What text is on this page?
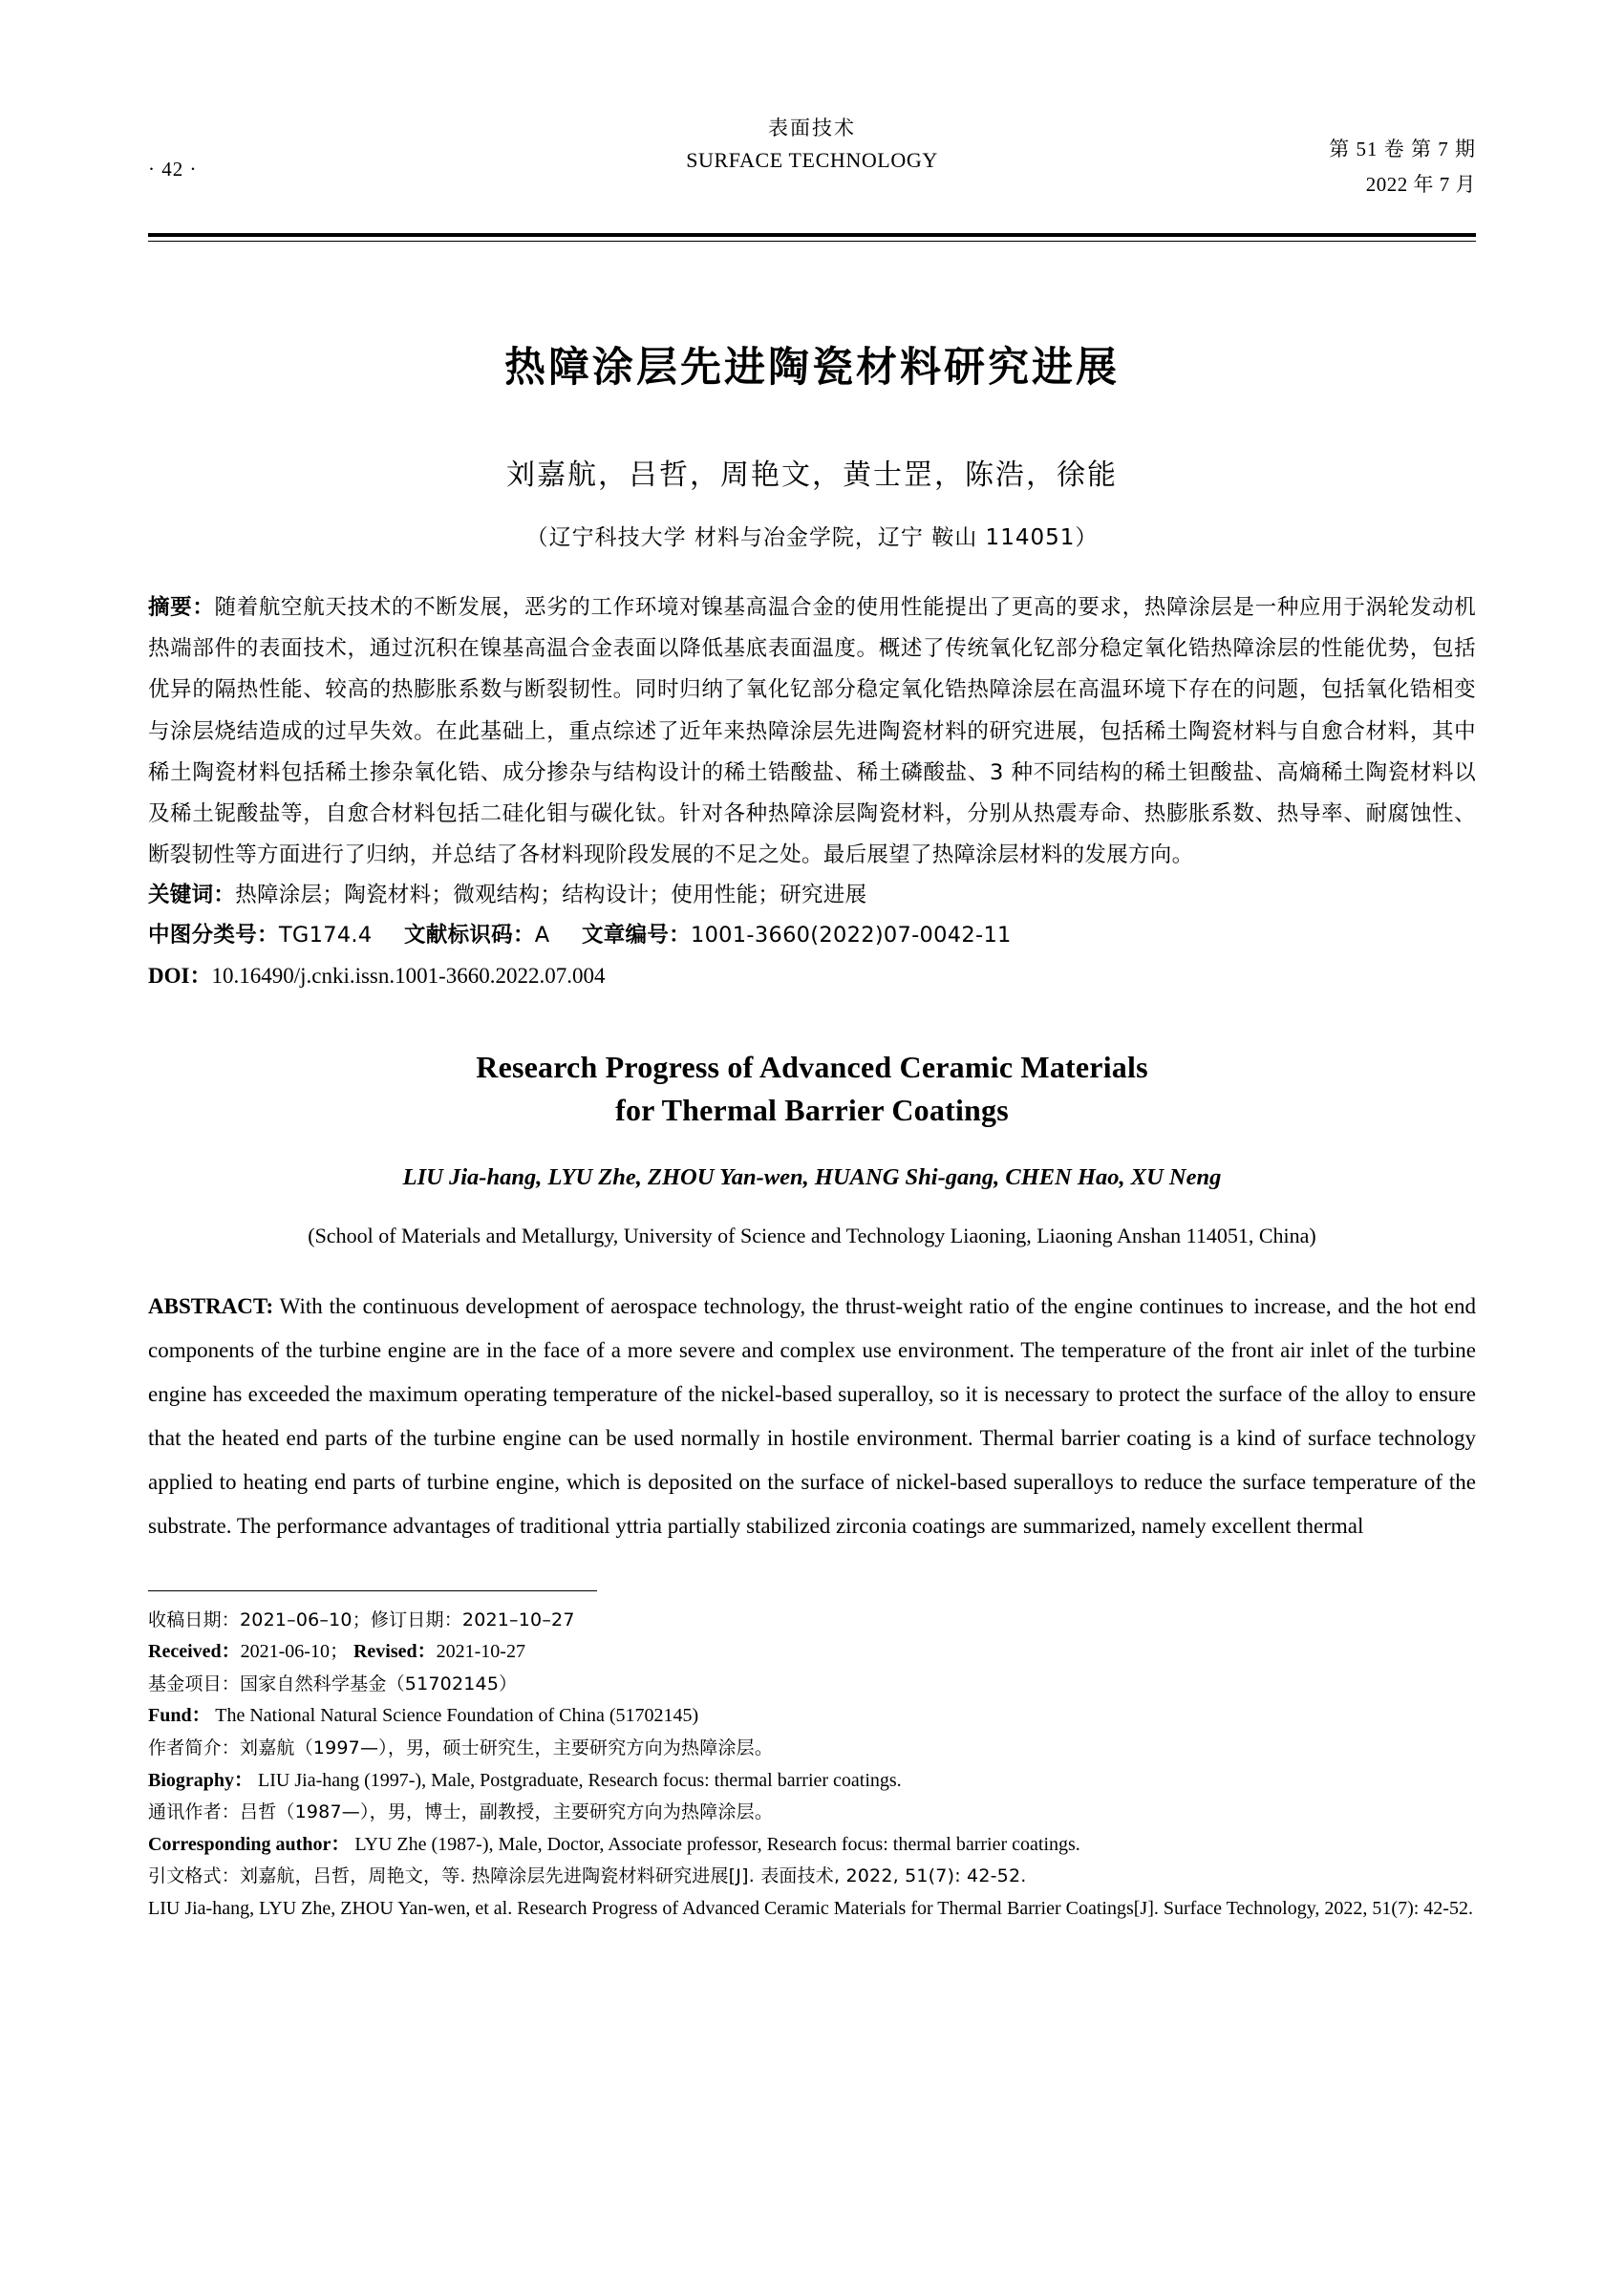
· 42 ·
表面技术
SURFACE TECHNOLOGY	第 51 卷 第 7 期
2022 年 7 月
热障涂层先进陶瓷材料研究进展
刘嘉航，吕哲，周艳文，黄士罡，陈浩，徐能
（辽宁科技大学 材料与冶金学院，辽宁 鞍山 114051）
摘要：随着航空航天技术的不断发展，恶劣的工作环境对镍基高温合金的使用性能提出了更高的要求，热障涂层是一种应用于涡轮发动机热端部件的表面技术，通过沉积在镍基高温合金表面以降低基底表面温度。概述了传统氧化钇部分稳定氧化锆热障涂层的性能优势，包括优异的隔热性能、较高的热膨胀系数与断裂韧性。同时归纳了氧化钇部分稳定氧化锆热障涂层在高温环境下存在的问题，包括氧化锆相变与涂层烧结造成的过早失效。在此基础上，重点综述了近年来热障涂层先进陶瓷材料的研究进展，包括稀土陶瓷材料与自愈合材料，其中稀土陶瓷材料包括稀土掺杂氧化锆、成分掺杂与结构设计的稀土锆酸盐、稀土磷酸盐、3 种不同结构的稀土钽酸盐、高熵稀土陶瓷材料以及稀土铌酸盐等，自愈合材料包括二硅化钼与碳化钛。针对各种热障涂层陶瓷材料，分别从热震寿命、热膨胀系数、热导率、耐腐蚀性、断裂韧性等方面进行了归纳，并总结了各材料现阶段发展的不足之处。最后展望了热障涂层材料的发展方向。
关键词：热障涂层；陶瓷材料；微观结构；结构设计；使用性能；研究进展
中图分类号：TG174.4 文献标识码：A 文章编号：1001-3660(2022)07-0042-11
DOI：10.16490/j.cnki.issn.1001-3660.2022.07.004
Research Progress of Advanced Ceramic Materials
for Thermal Barrier Coatings
LIU Jia-hang, LYU Zhe, ZHOU Yan-wen, HUANG Shi-gang, CHEN Hao, XU Neng
(School of Materials and Metallurgy, University of Science and Technology Liaoning, Liaoning Anshan 114051, China)
ABSTRACT: With the continuous development of aerospace technology, the thrust-weight ratio of the engine continues to increase, and the hot end components of the turbine engine are in the face of a more severe and complex use environment. The temperature of the front air inlet of the turbine engine has exceeded the maximum operating temperature of the nickel-based superalloy, so it is necessary to protect the surface of the alloy to ensure that the heated end parts of the turbine engine can be used normally in hostile environment. Thermal barrier coating is a kind of surface technology applied to heating end parts of turbine engine, which is deposited on the surface of nickel-based superalloys to reduce the surface temperature of the substrate. The performance advantages of traditional yttria partially stabilized zirconia coatings are summarized, namely excellent thermal

收稿日期：2021–06–10；修订日期：2021–10–27

Received：2021-06-10； Revised：2021-10-27

基金项目：国家自然科学基金（51702145）

Fund： The National Natural Science Foundation of China (51702145)

作者简介：刘嘉航（1997—），男，硕士研究生，主要研究方向为热障涂层。

Biography： LIU Jia-hang (1997-), Male, Postgraduate, Research focus: thermal barrier coatings.

通讯作者：吕哲（1987—），男，博士，副教授，主要研究方向为热障涂层。

Corresponding author： LYU Zhe (1987-), Male, Doctor, Associate professor, Research focus: thermal barrier coatings.

引文格式：刘嘉航，吕哲，周艳文，等. 热障涂层先进陶瓷材料研究进展[J]. 表面技术, 2022, 51(7): 42-52.

LIU Jia-hang, LYU Zhe, ZHOU Yan-wen, et al. Research Progress of Advanced Ceramic Materials for Thermal Barrier Coatings[J]. Surface Technology, 2022, 51(7): 42-52.
